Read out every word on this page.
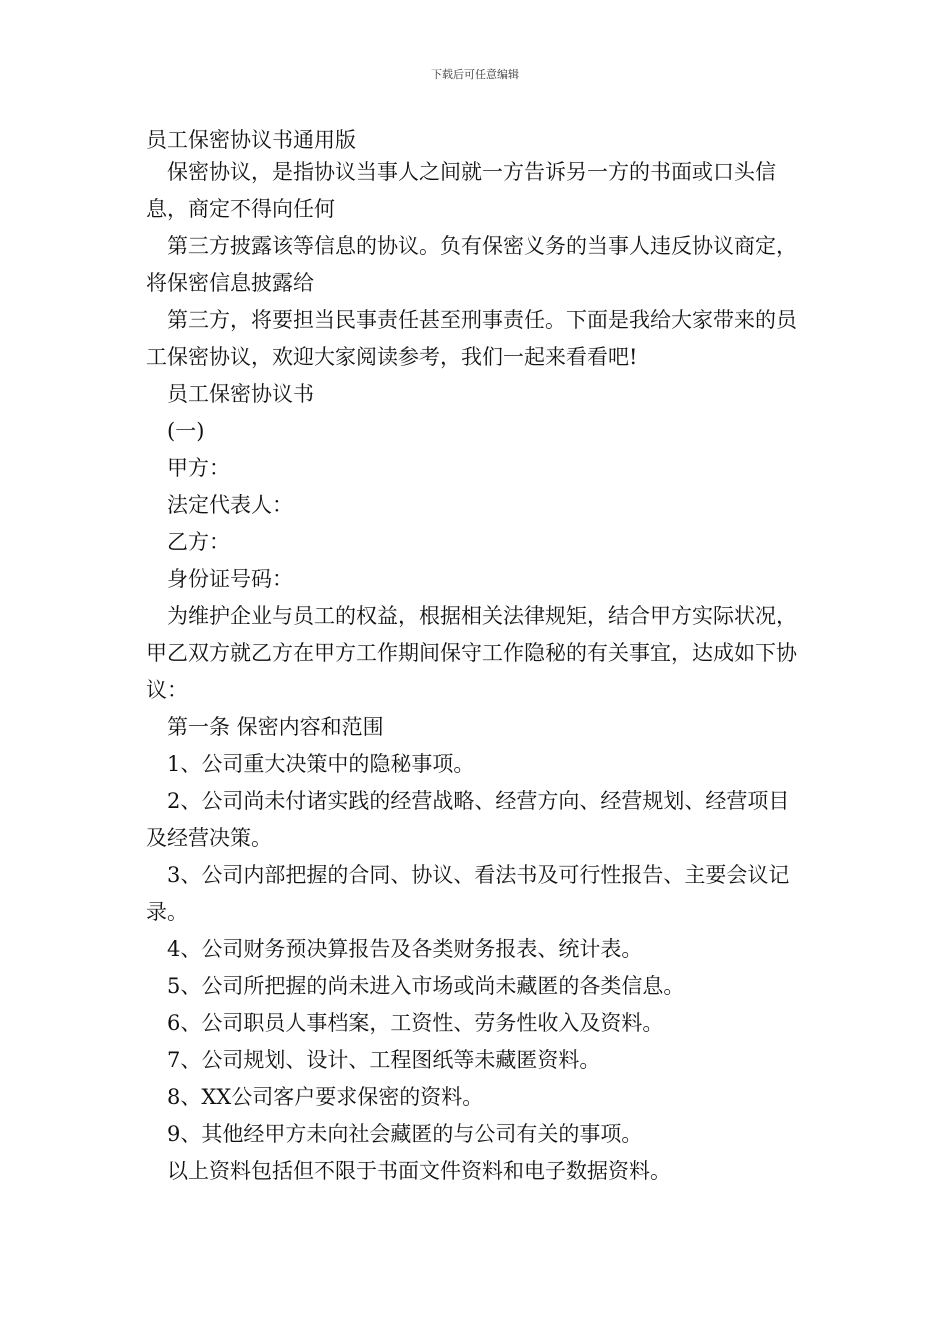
下载后可任意编辑
员工保密协议书通用版

保密协议，是指协议当事人之间就一方告诉另一方的书面或口头信息，商定不得向任何

第三方披露该等信息的协议。负有保密义务的当事人违反协议商定，将保密信息披露给

第三方，将要担当民事责任甚至刑事责任。下面是我给大家带来的员工保密协议，欢迎大家阅读参考，我们一起来看看吧!

员工保密协议书

(一)

甲方：

法定代表人：

乙方：

身份证号码：

为维护企业与员工的权益，根据相关法律规矩，结合甲方实际状况，甲乙双方就乙方在甲方工作期间保守工作隐秘的有关事宜，达成如下协议：

第一条 保密内容和范围

1、公司重大决策中的隐秘事项。

2、公司尚未付诸实践的经营战略、经营方向、经营规划、经营项目及经营决策。

3、公司内部把握的合同、协议、看法书及可行性报告、主要会议记录。

4、公司财务预决算报告及各类财务报表、统计表。

5、公司所把握的尚未进入市场或尚未藏匿的各类信息。

6、公司职员人事档案，工资性、劳务性收入及资料。

7、公司规划、设计、工程图纸等未藏匿资料。

8、XX公司客户要求保密的资料。

9、其他经甲方未向社会藏匿的与公司有关的事项。

以上资料包括但不限于书面文件资料和电子数据资料。
